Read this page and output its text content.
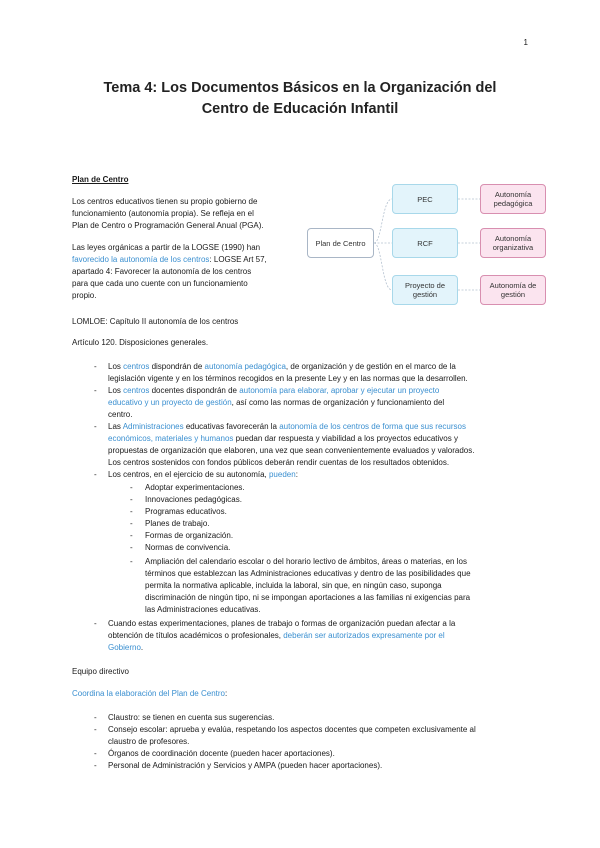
1
Tema 4: Los Documentos Básicos en la Organización del
Centro de Educación Infantil
Plan de Centro
Los centros educativos tienen su propio gobierno de
funcionamiento (autonomía propia). Se refleja en el
Plan de Centro o Programación General Anual (PGA).
Las leyes orgánicas a partir de la LOGSE (1990) han
favorecido la autonomía de los centros: LOGSE Art 57,
apartado 4: Favorecer la autonomía de los centros
para que cada uno cuente con un funcionamiento
propio.
Plan de Centro
PEC
RCF
Proyecto de gestión
Autonomía pedagógica
Autonomía organizativa
Autonomía de gestión
LOMLOE: Capítulo II autonomía de los centros
Artículo 120. Disposiciones generales.
- Los centros dispondrán de autonomía pedagógica, de organización y de gestión en el marco de la
legislación vigente y en los términos recogidos en la presente Ley y en las normas que la desarrollen.
- Los centros docentes dispondrán de autonomía para elaborar, aprobar y ejecutar un proyecto
educativo y un proyecto de gestión, así como las normas de organización y funcionamiento del
centro.
- Las Administraciones educativas favorecerán la autonomía de los centros de forma que sus recursos
económicos, materiales y humanos puedan dar respuesta y viabilidad a los proyectos educativos y
propuestas de organización que elaboren, una vez que sean convenientemente evaluados y valorados.
Los centros sostenidos con fondos públicos deberán rendir cuentas de los resultados obtenidos.
- Los centros, en el ejercicio de su autonomía, pueden:
- Adoptar experimentaciones.
- Innovaciones pedagógicas.
- Programas educativos.
- Planes de trabajo.
- Formas de organización.
- Normas de convivencia.
- Ampliación del calendario escolar o del horario lectivo de ámbitos, áreas o materias, en los
términos que establezcan las Administraciones educativas y dentro de las posibilidades que
permita la normativa aplicable, incluida la laboral, sin que, en ningún caso, suponga
discriminación de ningún tipo, ni se impongan aportaciones a las familias ni exigencias para
las Administraciones educativas.
- Cuando estas experimentaciones, planes de trabajo o formas de organización puedan afectar a la
obtención de títulos académicos o profesionales, deberán ser autorizados expresamente por el
Gobierno.
Equipo directivo
Coordina la elaboración del Plan de Centro:
- Claustro: se tienen en cuenta sus sugerencias.
- Consejo escolar: aprueba y evalúa, respetando los aspectos docentes que competen exclusivamente al
claustro de profesores.
- Órganos de coordinación docente (pueden hacer aportaciones).
- Personal de Administración y Servicios y AMPA (pueden hacer aportaciones).
